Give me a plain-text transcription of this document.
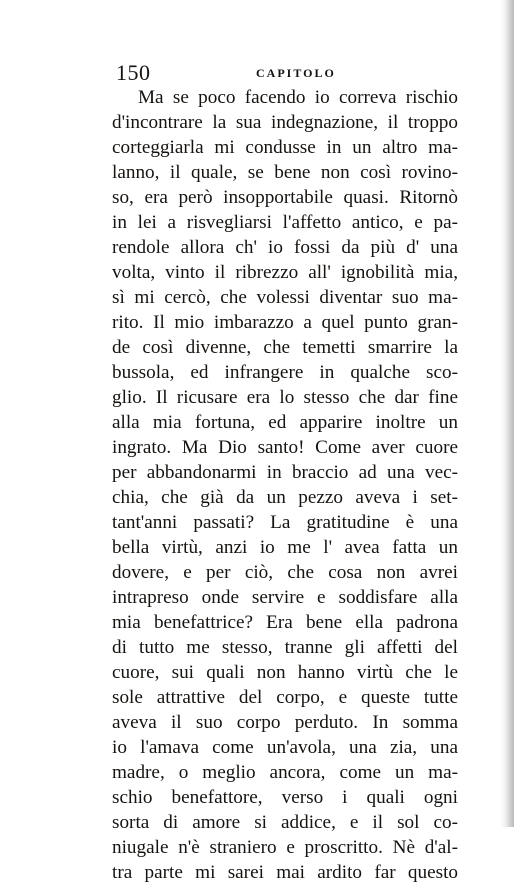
150	CAPITOLO
Ma se poco facendo io correva rischio
d'incontrare la sua indegnazione, il troppo
corteggiarla mi condusse in un altro ma-
lanno, il quale, se bene non così rovino-
so, era però insopportabile quasi. Ritornò
in lei a risvegliarsi l'affetto antico, e pa-
rendole allora ch' io fossi da più d' una
volta, vinto il ribrezzo all' ignobilità mia,
sì mi cercò, che volessi diventar suo ma-
rito. Il mio imbarazzo a quel punto gran-
de così divenne, che temetti smarrire la
bussola, ed infrangere in qualche sco-
glio. Il ricusare era lo stesso che dar fine
alla mia fortuna, ed apparire inoltre un
ingrato. Ma Dio santo! Come aver cuore
per abbandonarmi in braccio ad una vec-
chia, che già da un pezzo aveva i set-
tant'anni passati? La gratitudine è una
bella virtù, anzi io me l' avea fatta un
dovere, e per ciò, che cosa non avrei
intrapreso onde servire e soddisfare alla
mia benefattrice? Era bene ella padrona
di tutto me stesso, tranne gli affetti del
cuore, sui quali non hanno virtù che le
sole attrattive del corpo, e queste tutte
aveva il suo corpo perduto. In somma
io l'amava come un'avola, una zia, una
madre, o meglio ancora, come un ma-
schio benefattore, verso i quali ogni
sorta di amore si addice, e il sol co-
niugale n'è straniero e proscritto. Nè d'al-
tra parte mi sarei mai ardito far questo
